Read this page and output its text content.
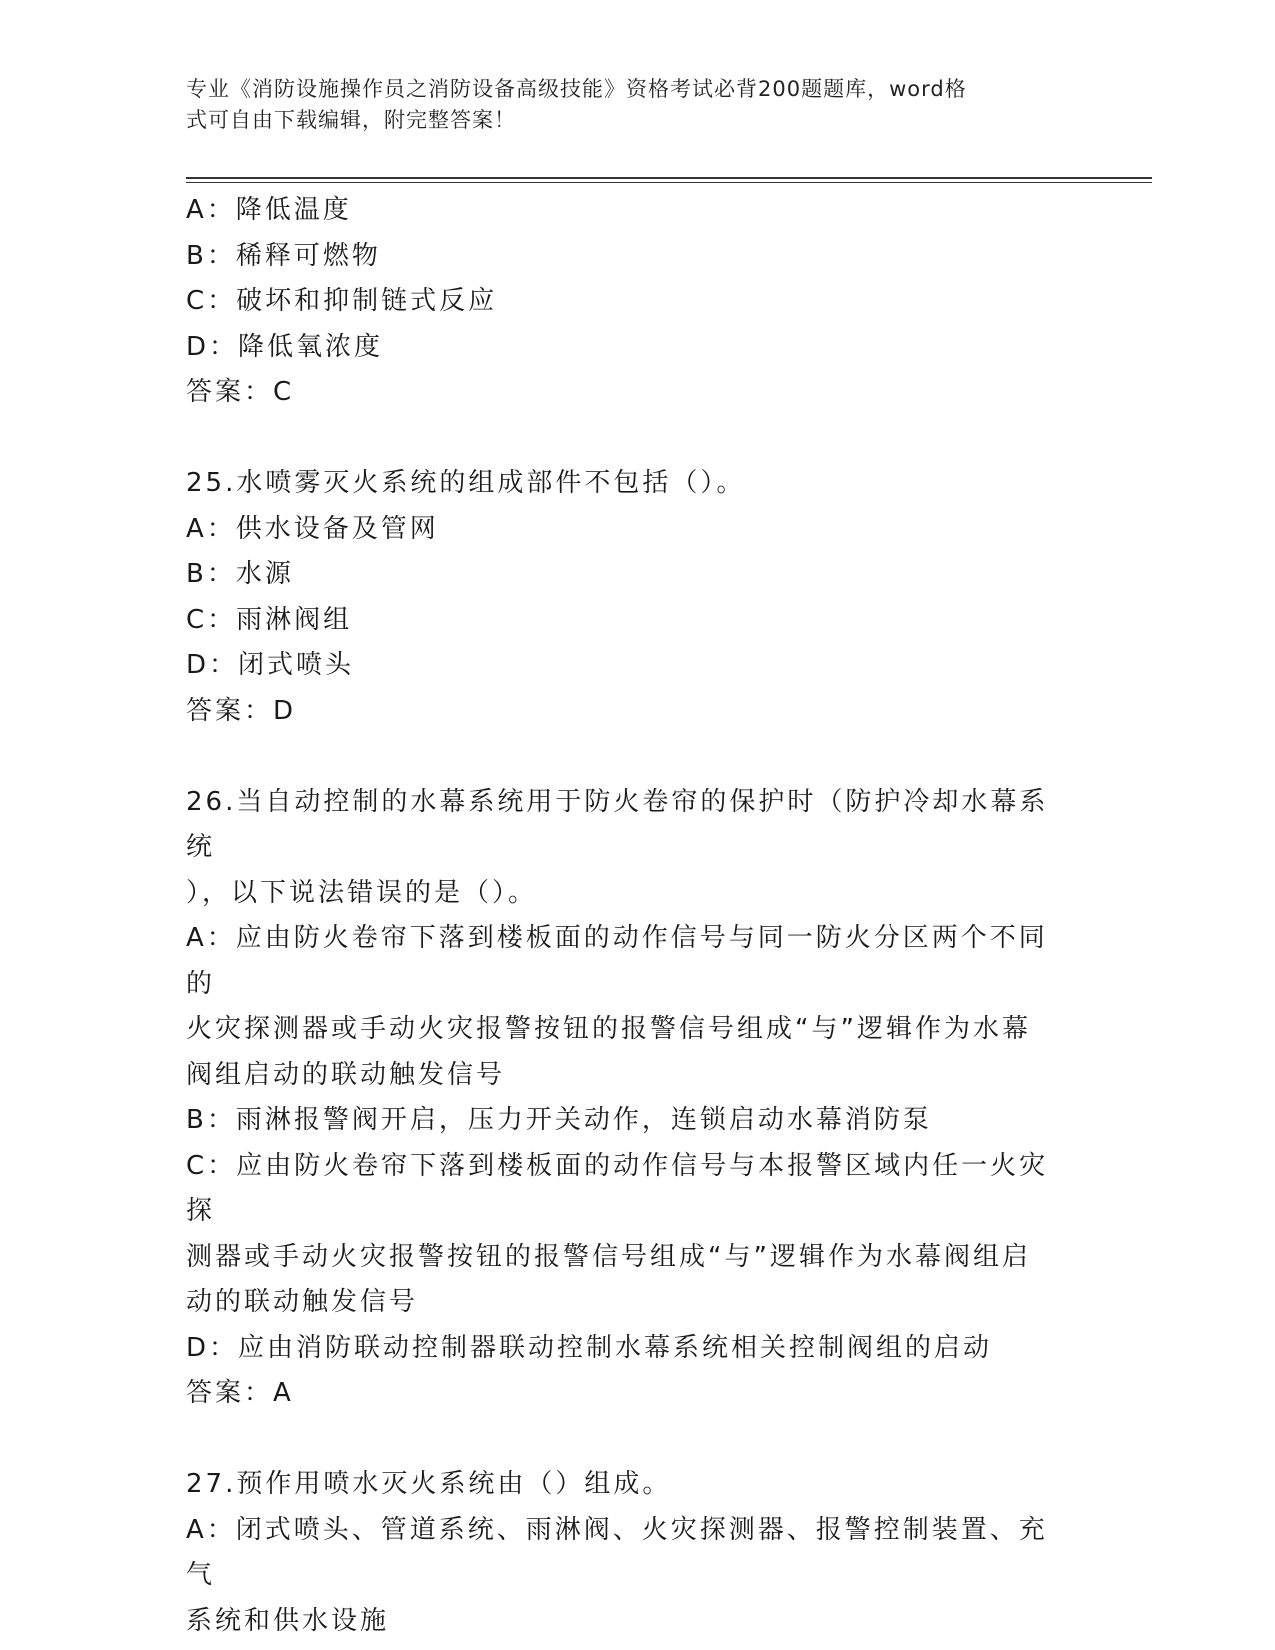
专业《消防设施操作员之消防设备高级技能》资格考试必背200题题库，word格
式可自由下载编辑，附完整答案！

A：降低温度

B：稀释可燃物

C：破坏和抑制链式反应

D：降低氧浓度

答案：C

25.水喷雾灭火系统的组成部件不包括（）。

A：供水设备及管网

B：水源

C：雨淋阀组

D：闭式喷头

答案：D

26.当自动控制的水幕系统用于防火卷帘的保护时（防护冷却水幕系统

），以下说法错误的是（）。

A：应由防火卷帘下落到楼板面的动作信号与同一防火分区两个不同的

火灾探测器或手动火灾报警按钮的报警信号组成“与”逻辑作为水幕

阀组启动的联动触发信号

B：雨淋报警阀开启，压力开关动作，连锁启动水幕消防泵

C：应由防火卷帘下落到楼板面的动作信号与本报警区域内任一火灾探

测器或手动火灾报警按钮的报警信号组成“与”逻辑作为水幕阀组启

动的联动触发信号

D：应由消防联动控制器联动控制水幕系统相关控制阀组的启动

答案：A

27.预作用喷水灭火系统由（）组成。

A：闭式喷头、管道系统、雨淋阀、火灾探测器、报警控制装置、充气

系统和供水设施
